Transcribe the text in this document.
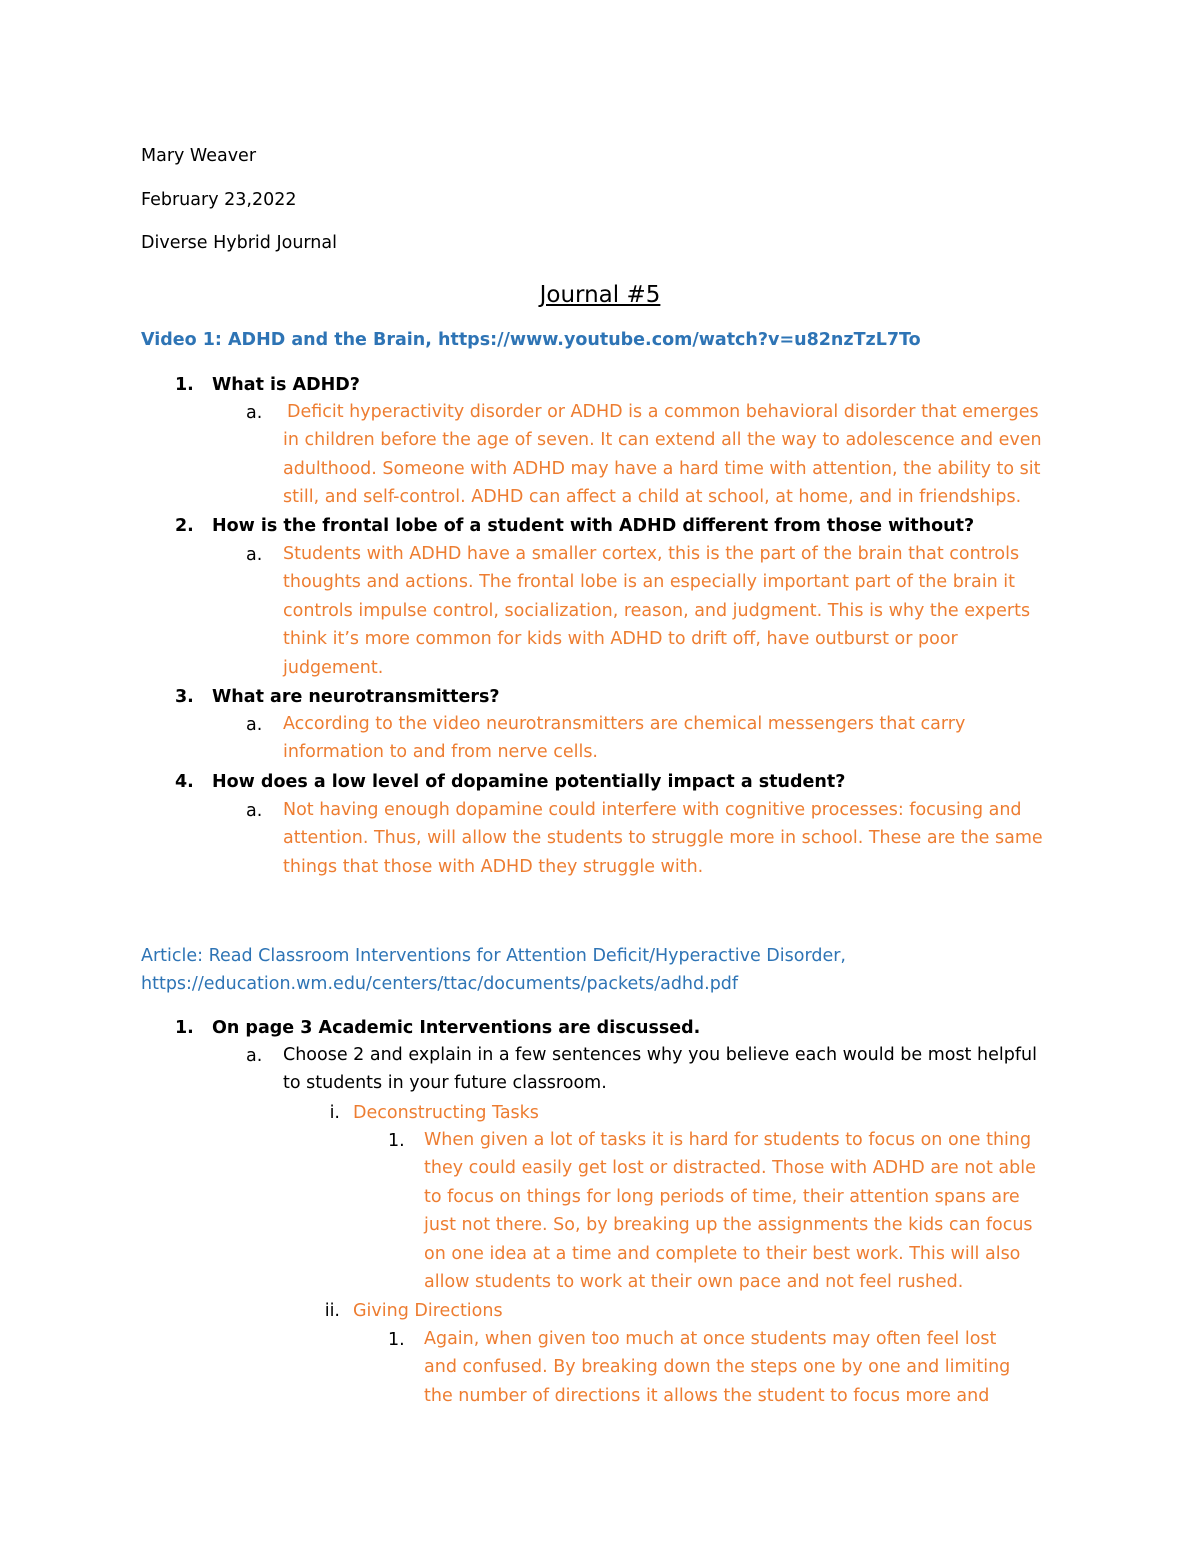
Mary Weaver
February 23,2022
Diverse Hybrid Journal
Journal #5
Video 1: ADHD and the Brain, https://www.youtube.com/watch?v=u82nzTzL7To
1. What is ADHD?
a. Deficit hyperactivity disorder or ADHD is a common behavioral disorder that emerges in children before the age of seven. It can extend all the way to adolescence and even adulthood. Someone with ADHD may have a hard time with attention, the ability to sit still, and self-control. ADHD can affect a child at school, at home, and in friendships.
2. How is the frontal lobe of a student with ADHD different from those without?
a. Students with ADHD have a smaller cortex, this is the part of the brain that controls thoughts and actions. The frontal lobe is an especially important part of the brain it controls impulse control, socialization, reason, and judgment. This is why the experts think it’s more common for kids with ADHD to drift off, have outburst or poor judgement.
3. What are neurotransmitters?
a. According to the video neurotransmitters are chemical messengers that carry information to and from nerve cells.
4. How does a low level of dopamine potentially impact a student?
a. Not having enough dopamine could interfere with cognitive processes: focusing and attention. Thus, will allow the students to struggle more in school. These are the same things that those with ADHD they struggle with.
Article: Read Classroom Interventions for Attention Deficit/Hyperactive Disorder,
https://education.wm.edu/centers/ttac/documents/packets/adhd.pdf
1. On page 3 Academic Interventions are discussed.
a. Choose 2 and explain in a few sentences why you believe each would be most helpful to students in your future classroom.
i. Deconstructing Tasks
1. When given a lot of tasks it is hard for students to focus on one thing they could easily get lost or distracted. Those with ADHD are not able to focus on things for long periods of time, their attention spans are just not there. So, by breaking up the assignments the kids can focus on one idea at a time and complete to their best work. This will also allow students to work at their own pace and not feel rushed.
ii. Giving Directions
1. Again, when given too much at once students may often feel lost and confused. By breaking down the steps one by one and limiting the number of directions it allows the student to focus more and
